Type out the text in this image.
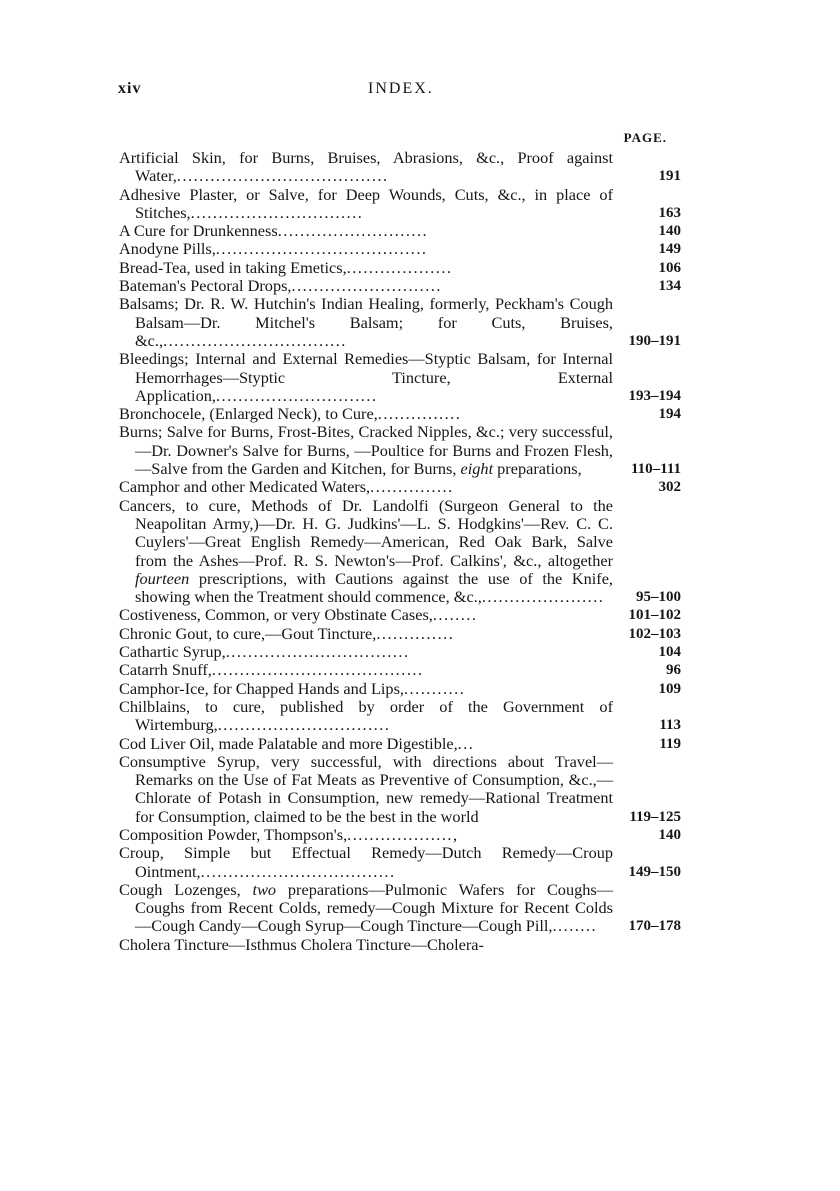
xiv	INDEX.
PAGE.
Artificial Skin, for Burns, Bruises, Abrasions, &c., Proof against Water,......................................	191
Adhesive Plaster, or Salve, for Deep Wounds, Cuts, &c., in place of Stitches,...............................	163
A Cure for Drunkenness...........................	140
Anodyne Pills,......................................	149
Bread-Tea, used in taking Emetics,...................	106
Bateman's Pectoral Drops,...........................	134
Balsams; Dr. R. W. Hutchin's Indian Healing, formerly, Peckham's Cough Balsam—Dr. Mitchel's Balsam; for Cuts, Bruises, &c.,.................................	190–191
Bleedings; Internal and External Remedies—Styptic Balsam, for Internal Hemorrhages—Styptic Tincture, External Application,.............................	193–194
Bronchocele, (Enlarged Neck), to Cure,...............	194
Burns; Salve for Burns, Frost-Bites, Cracked Nipples, &c.; very successful,—Dr. Downer's Salve for Burns, —Poultice for Burns and Frozen Flesh,—Salve from the Garden and Kitchen, for Burns, eight preparations,	110–111
Camphor and other Medicated Waters,...............	302
Cancers, to cure, Methods of Dr. Landolfi (Surgeon General to the Neapolitan Army,)—Dr. H. G. Judkins'—L. S. Hodgkins'—Rev. C. C. Cuylers'—Great English Remedy—American, Red Oak Bark, Salve from the Ashes—Prof. R. S. Newton's—Prof. Calkins', &c., altogether fourteen prescriptions, with Cautions against the use of the Knife, showing when the Treatment should commence, &c.,......................	95–100
Costiveness, Common, or very Obstinate Cases,........	101–102
Chronic Gout, to cure,—Gout Tincture,..............	102–103
Cathartic Syrup,.................................	104
Catarrh Snuff,......................................	96
Camphor-Ice, for Chapped Hands and Lips,...........	109
Chilblains, to cure, published by order of the Government of Wirtemburg,...............................	113
Cod Liver Oil, made Palatable and more Digestible,...	119
Consumptive Syrup, very successful, with directions about Travel—Remarks on the Use of Fat Meats as Preventive of Consumption, &c.,—Chlorate of Potash in Consumption, new remedy—Rational Treatment for Consumption, claimed to be the best in the world	119–125
Composition Powder, Thompson's,...................,	140
Croup, Simple but Effectual Remedy—Dutch Remedy—Croup Ointment,...................................	149–150
Cough Lozenges, two preparations—Pulmonic Wafers for Coughs—Coughs from Recent Colds, remedy—Cough Mixture for Recent Colds—Cough Candy—Cough Syrup—Cough Tincture—Cough Pill,........	170–178
Cholera Tincture—Isthmus Cholera Tincture—Cholera-
